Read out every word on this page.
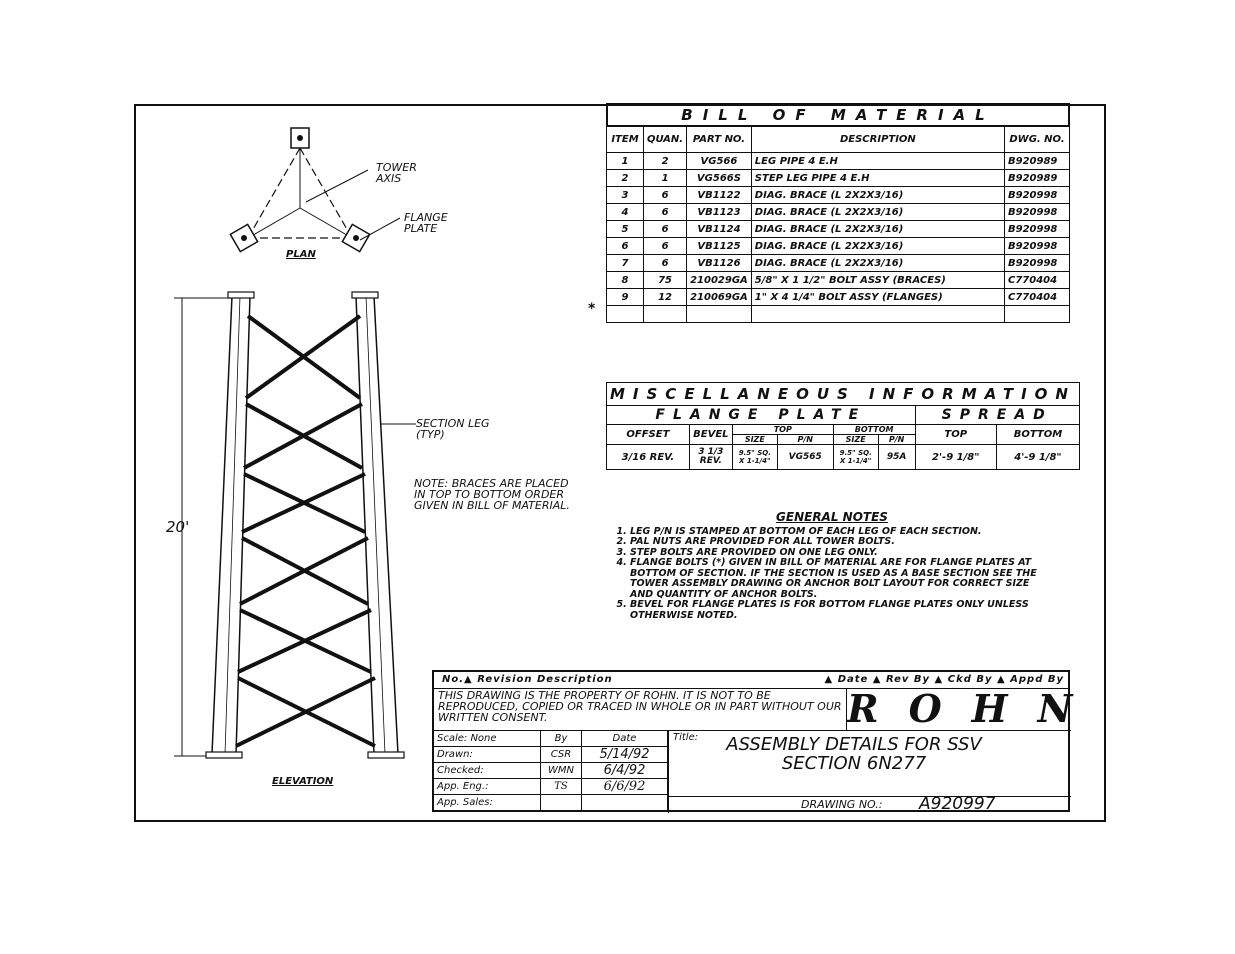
TOWER AXIS
FLANGE PLATE
PLAN
20'
SECTION LEG (TYP)
NOTE: BRACES ARE PLACED IN TOP TO BOTTOM ORDER GIVEN IN BILL OF MATERIAL.
ELEVATION
BILL OF MATERIAL
ITEM	QUAN.	PART NO.	DESCRIPTION	DWG. NO.
1	2	VG566	LEG PIPE 4 E.H	B920989
2	1	VG566S	STEP LEG PIPE 4 E.H	B920989
3	6	VB1122	DIAG. BRACE (L 2X2X3/16)	B920998
4	6	VB1123	DIAG. BRACE (L 2X2X3/16)	B920998
5	6	VB1124	DIAG. BRACE (L 2X2X3/16)	B920998
6	6	VB1125	DIAG. BRACE (L 2X2X3/16)	B920998
7	6	VB1126	DIAG. BRACE (L 2X2X3/16)	B920998
8	75	210029GA	5/8" X 1 1/2" BOLT ASSY (BRACES)	C770404
9	12	210069GA	1" X 4 1/4" BOLT ASSY (FLANGES)	C770404

*
MISCELLANEOUS INFORMATION							
FLANGE PLATE						SPREAD	
OFFSET	BEVEL	TOP		BOTTOM		TOP	BOTTOM
		SIZE	P/N	SIZE	P/N		
3/16 REV.	3 1/3 REV.	9.5" SQ. X 1-1/4"	VG565	9.5" SQ. X 1-1/4"	95A	2'-9 1/8"	4'-9 1/8"
GENERAL NOTES
1. LEG P/N IS STAMPED AT BOTTOM OF EACH LEG OF EACH SECTION.
2. PAL NUTS ARE PROVIDED FOR ALL TOWER BOLTS.
3. STEP BOLTS ARE PROVIDED ON ONE LEG ONLY.
4. FLANGE BOLTS (*) GIVEN IN BILL OF MATERIAL ARE FOR FLANGE PLATES AT BOTTOM OF SECTION. IF THE SECTION IS USED AS A BASE SECTION SEE THE TOWER ASSEMBLY DRAWING OR ANCHOR BOLT LAYOUT FOR CORRECT SIZE AND QUANTITY OF ANCHOR BOLTS.
5. BEVEL FOR FLANGE PLATES IS FOR BOTTOM FLANGE PLATES ONLY UNLESS OTHERWISE NOTED.
No.▲ Revision Description	▲ Date ▲ Rev By ▲ Ckd By ▲ Appd By
THIS DRAWING IS THE PROPERTY OF ROHN. IT IS NOT TO BE REPRODUCED, COPIED OR TRACED IN WHOLE OR IN PART WITHOUT OUR WRITTEN CONSENT.	ROHN
Scale: None	By	Date
Drawn:	CSR	5/14/92
Checked:	WMN	6/4/92
App. Eng.:	TS	6/6/92
App. Sales:		
Title:	ASSEMBLY DETAILS FOR SSV SECTION 6N277
DRAWING NO.: A920997
